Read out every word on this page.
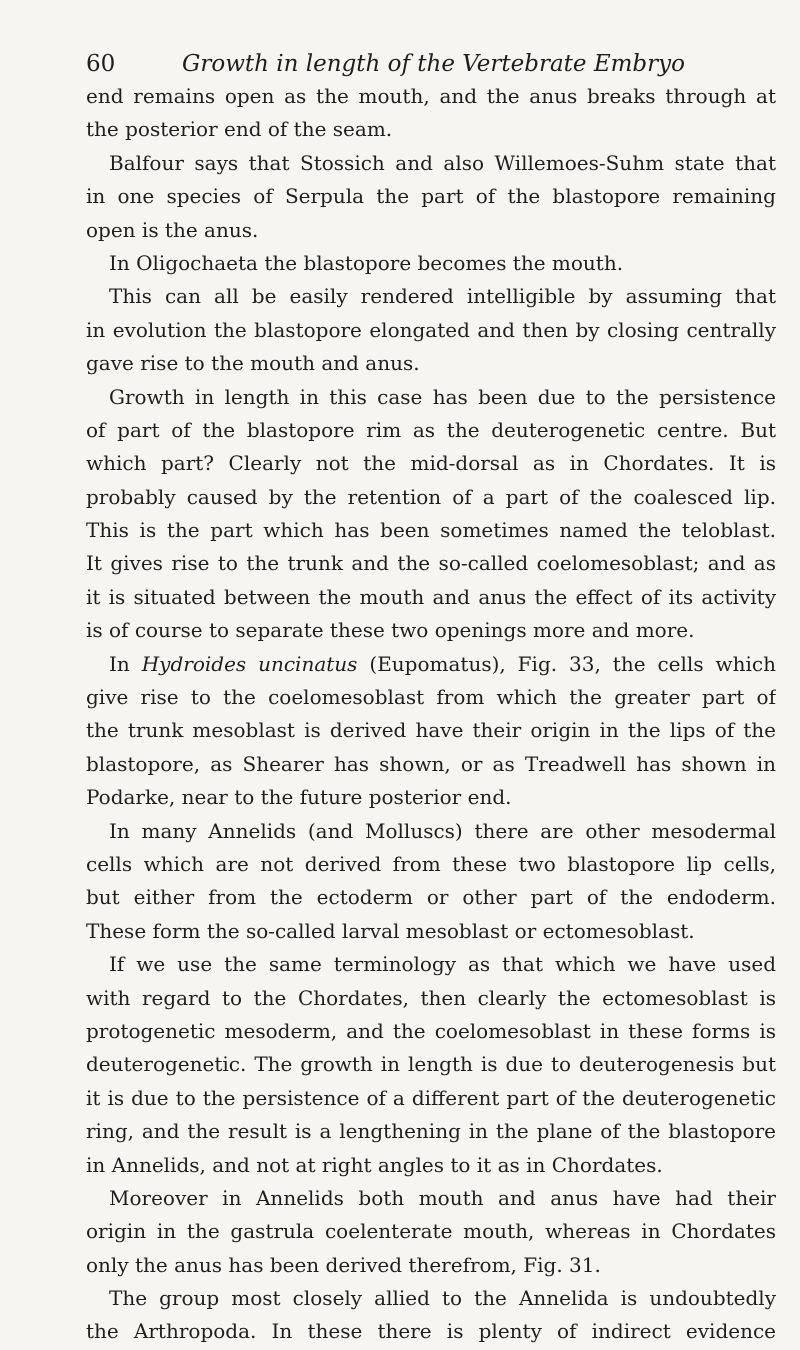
60	Growth in length of the Vertebrate Embryo
end remains open as the mouth, and the anus breaks through at
the posterior end of the seam.
Balfour says that Stossich and also Willemoes-Suhm state that
in one species of Serpula the part of the blastopore remaining
open is the anus.
In Oligochaeta the blastopore becomes the mouth.
This can all be easily rendered intelligible by assuming that
in evolution the blastopore elongated and then by closing centrally
gave rise to the mouth and anus.
Growth in length in this case has been due to the persistence
of part of the blastopore rim as the deuterogenetic centre. But
which part? Clearly not the mid-dorsal as in Chordates. It is
probably caused by the retention of a part of the coalesced lip.
This is the part which has been sometimes named the teloblast.
It gives rise to the trunk and the so-called coelomesoblast; and as
it is situated between the mouth and anus the effect of its activity
is of course to separate these two openings more and more.
In Hydroides uncinatus (Eupomatus), Fig. 33, the cells which
give rise to the coelomesoblast from which the greater part of
the trunk mesoblast is derived have their origin in the lips of the
blastopore, as Shearer has shown, or as Treadwell has shown in
Podarke, near to the future posterior end.
In many Annelids (and Molluscs) there are other mesodermal
cells which are not derived from these two blastopore lip cells,
but either from the ectoderm or other part of the endoderm.
These form the so-called larval mesoblast or ectomesoblast.
If we use the same terminology as that which we have used
with regard to the Chordates, then clearly the ectomesoblast is
protogenetic mesoderm, and the coelomesoblast in these forms is
deuterogenetic. The growth in length is due to deuterogenesis but
it is due to the persistence of a different part of the deuterogenetic
ring, and the result is a lengthening in the plane of the blastopore
in Annelids, and not at right angles to it as in Chordates.
Moreover in Annelids both mouth and anus have had their
origin in the gastrula coelenterate mouth, whereas in Chordates
only the anus has been derived therefrom, Fig. 31.
The group most closely allied to the Annelida is undoubtedly
the Arthropoda. In these there is plenty of indirect evidence
